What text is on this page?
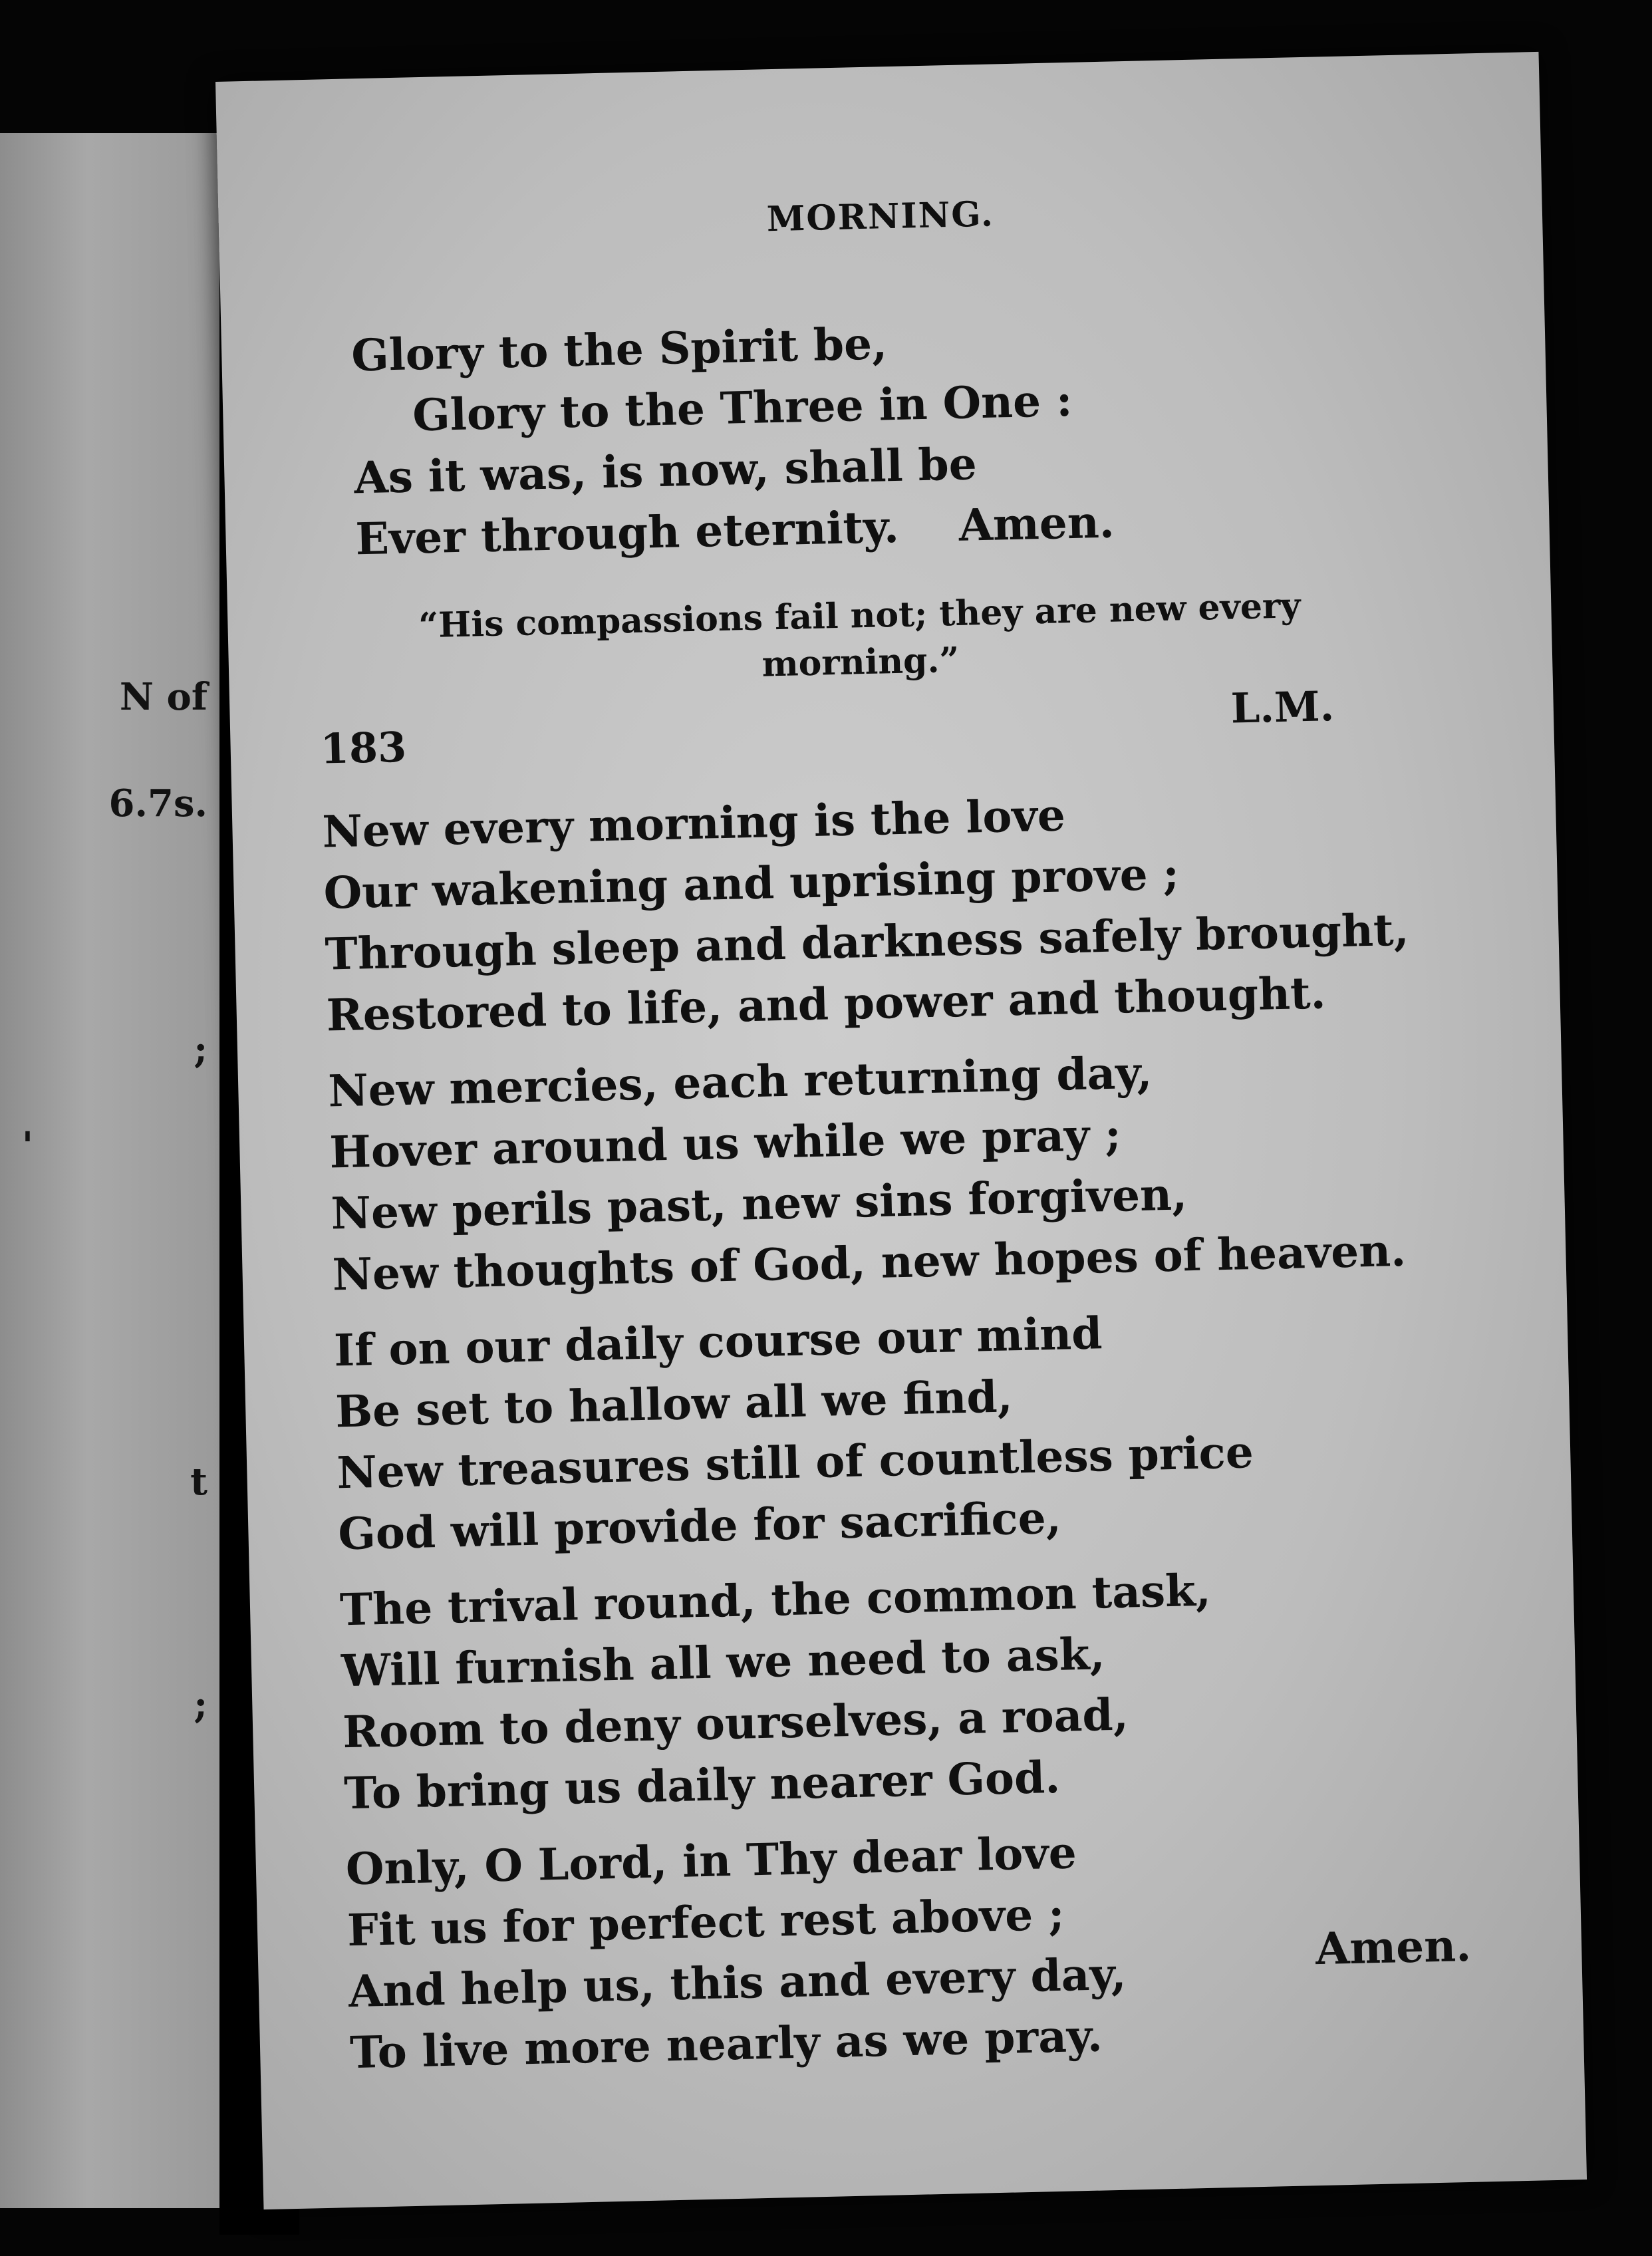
N of
6.7s.
;
'
t
;
MORNING.
Glory to the Spirit be,
Glory to the Three in One :
As it was, is now, shall be
Ever through eternity. Amen.
“His compassions fail not; they are new every morning.”
183
L.M.
New every morning is the love
Our wakening and uprising prove ;
Through sleep and darkness safely brought,
Restored to life, and power and thought.
New mercies, each returning day,
Hover around us while we pray ;
New perils past, new sins forgiven,
New thoughts of God, new hopes of heaven.
If on our daily course our mind
Be set to hallow all we find,
New treasures still of countless price
God will provide for sacrifice,
The trival round, the common task,
Will furnish all we need to ask,
Room to deny ourselves, a road,
To bring us daily nearer God.
Only, O Lord, in Thy dear love
Fit us for perfect rest above ;
And help us, this and every day,
To live more nearly as we pray.
Amen.
